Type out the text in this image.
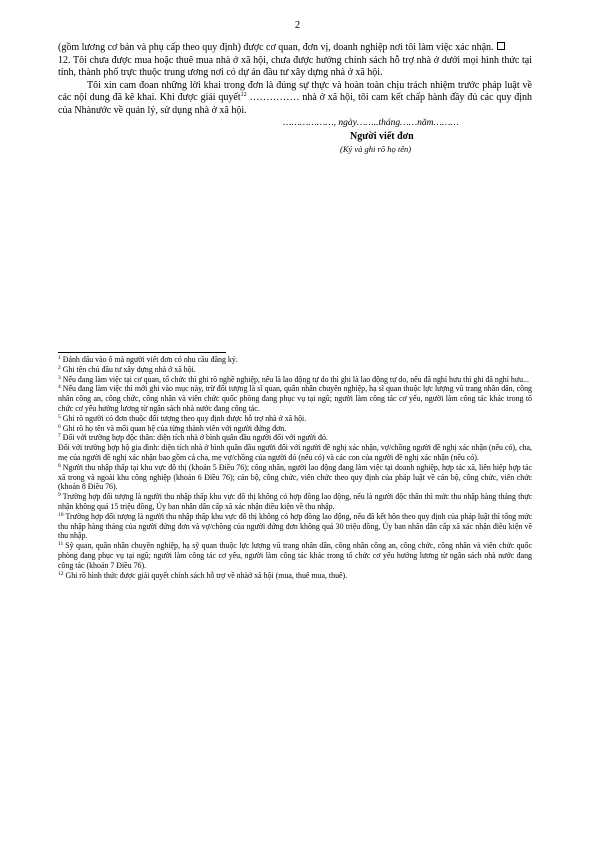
2

(gồm lương cơ bản và phụ cấp theo quy định) được cơ quan, đơn vị, doanh nghiệp nơi tôi làm việc xác nhận.

12. Tôi chưa được mua hoặc thuê mua nhà ở xã hội, chưa được hưởng chính sách hỗ trợ nhà ở dưới mọi hình thức tại tỉnh, thành phố trực thuộc trung ương nơi có dự án đầu tư xây dựng nhà ở xã hội.

Tôi xin cam đoan những lời khai trong đơn là đúng sự thực và hoàn toàn chịu trách nhiệm trước pháp luật về các nội dung đã kê khai. Khi được giải quyết$^{12}$ …………… nhà ở xã hội, tôi cam kết chấp hành đầy đủ các quy định của Nhànước về quản lý, sử dụng nhà ở xã hội.

………………, ngày……..tháng……năm………
Người viết đơn
(Ký và ghi rõ họ tên)

$^1$ Đánh dấu vào ô mà người viết đơn có nhu cầu đăng ký.

$^2$ Ghi tên chủ đầu tư xây dựng nhà ở xã hội.

$^3$ Nếu đang làm việc tại cơ quan, tổ chức thì ghi rõ nghề nghiệp, nếu là lao động tự do thì ghi là lao động tự do, nếu đã nghỉ hưu thì ghi đã nghỉ hưu...

$^4$ Nếu đang làm việc thì mới ghi vào mục này, trừ đối tượng là sĩ quan, quân nhân chuyên nghiệp, hạ sĩ quan thuộc lực lượng vũ trang nhân dân, công nhân công an, công chức, công nhân và viên chức quốc phòng đang phục vụ tại ngũ; người làm công tác cơ yếu, người làm công tác khác trong tổ chức cơ yếu hưởng lương từ ngân sách nhà nước đang công tác.

$^5$ Ghi rõ người có đơn thuộc đối tượng theo quy định được hỗ trợ nhà ở xã hội.

$^6$ Ghi rõ họ tên và mối quan hệ của từng thành viên với người đứng đơn.

$^7$ Đối với trường hợp độc thân: diện tích nhà ở bình quân đầu người đối với người đó.

Đối với trường hợp hộ gia đình: diện tích nhà ở bình quân đầu người đối với người đề nghị xác nhận, vợ/chồng người đề nghị xác nhận (nếu có), cha, mẹ của người đề nghị xác nhận bao gồm cả cha, mẹ vợ/chồng của người đó (nếu có) và các con của người đề nghị xác nhận (nếu có).

$^8$ Người thu nhập thấp tại khu vực đô thị (khoản 5 Điều 76); công nhân, người lao động đang làm việc tại doanh nghiệp, hợp tác xã, liên hiệp hợp tác xã trong và ngoài khu công nghiệp (khoản 6 Điều 76); cán bộ, công chức, viên chức theo quy định của pháp luật về cán bộ, công chức, viên chức (khoản 8 Điều 76).

$^9$ Trường hợp đối tượng là người thu nhập thấp khu vực đô thị không có hợp đồng lao động, nếu là người độc thân thì mức thu nhập hàng tháng thực nhận không quá 15 triệu đồng, Ủy ban nhân dân cấp xã xác nhận điều kiện về thu nhập.

$^{10}$ Trường hợp đối tượng là người thu nhập thấp khu vực đô thị không có hợp đồng lao động, nếu đã kết hôn theo quy định của pháp luật thì tổng mức thu nhập hàng tháng của người đứng đơn và vợ/chồng của người đứng đơn không quá 30 triệu đồng, Ủy ban nhân dân cấp xã xác nhận điều kiện về thu nhập.

$^{11}$ Sỹ quan, quân nhân chuyên nghiệp, hạ sỹ quan thuộc lực lượng vũ trang nhân dân, công nhân công an, công chức, công nhân và viên chức quốc phòng đang phục vụ tại ngũ; người làm công tác cơ yếu, người làm công tác khác trong tổ chức cơ yếu hưởng lương từ ngân sách nhà nước đang công tác (khoản 7 Điều 76).

$^{12}$ Ghi rõ hình thức được giải quyết chính sách hỗ trợ về nhàở xã hội (mua, thuê mua, thuê).
